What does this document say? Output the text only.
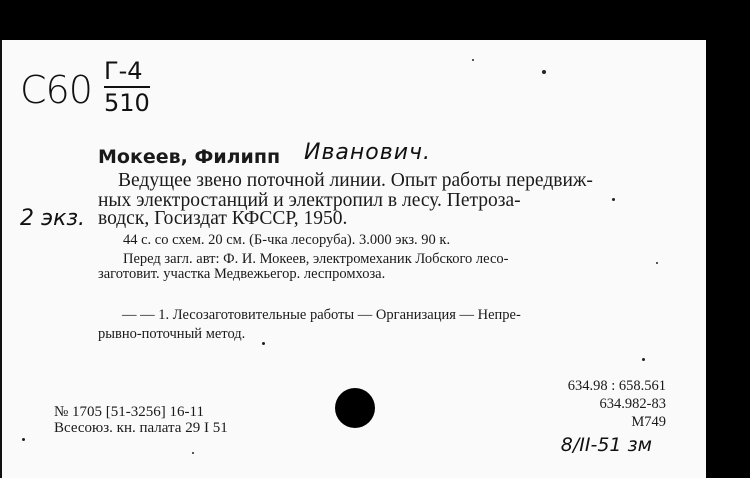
С60 Г-4
510
2 экз.
Мокеев, Филипп Иванович.
Ведущее звено поточной линии. Опыт работы передвиж-
ных электростанций и электропил в лесу. Петроза-
водск, Госиздат КФССР, 1950.
44 с. со схем. 20 см. (Б-чка лесоруба). 3.000 экз. 90 к.
Перед загл. авт: Ф. И. Мокеев, электромеханик Лобского лесо-
заготовит. участка Медвежьегор. леспромхоза.
— — 1. Лесозаготовительные работы — Организация — Непре-
рывно-поточный метод.
634.98 : 658.561
634.982-83
М749
8/II-51 зм
№ 1705 [51-3256] 16-11
Всесоюз. кн. палата 29 I 51
